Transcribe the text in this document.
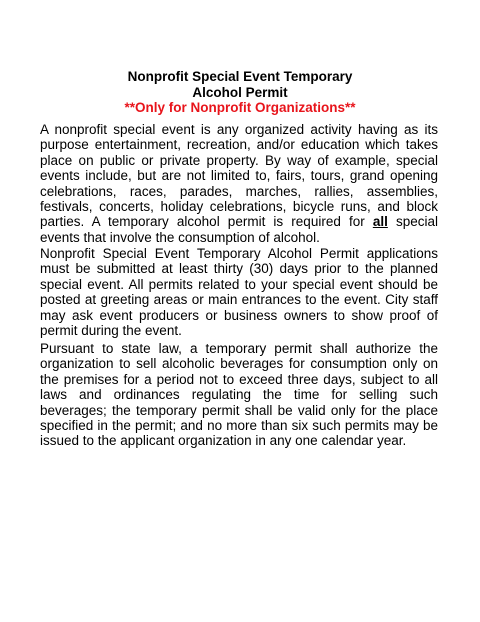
Nonprofit Special Event Temporary
Alcohol Permit
**Only for Nonprofit Organizations**

A nonprofit special event is any organized activity having as its purpose entertainment, recreation, and/or education which takes place on public or private property. By way of example, special events include, but are not limited to, fairs, tours, grand opening celebrations, races, parades, marches, rallies, assemblies, festivals, concerts, holiday celebrations, bicycle runs, and block parties. A temporary alcohol permit is required for all special events that involve the consumption of alcohol.

Nonprofit Special Event Temporary Alcohol Permit applications must be submitted at least thirty (30) days prior to the planned special event. All permits related to your special event should be posted at greeting areas or main entrances to the event. City staff may ask event producers or business owners to show proof of permit during the event.

Pursuant to state law, a temporary permit shall authorize the organization to sell alcoholic beverages for consumption only on the premises for a period not to exceed three days, subject to all laws and ordinances regulating the time for selling such beverages; the temporary permit shall be valid only for the place specified in the permit; and no more than six such permits may be issued to the applicant organization in any one calendar year.
